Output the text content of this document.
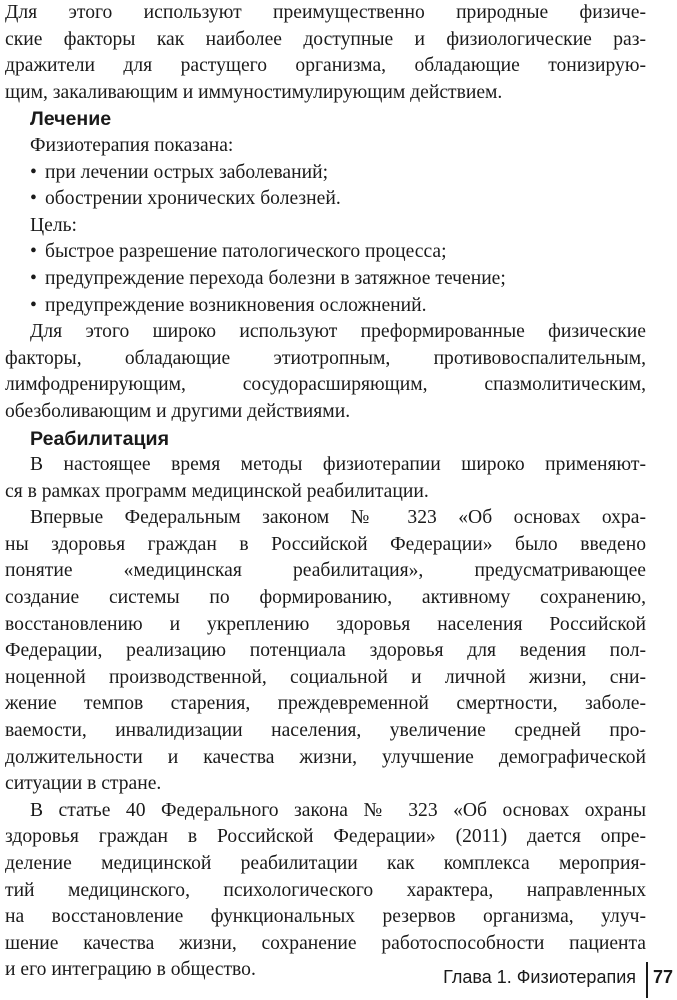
Для этого используют преимущественно природные физиче-
ские факторы как наиболее доступные и физиологические раз-
дражители для растущего организма, обладающие тонизирую-
щим, закаливающим и иммуностимулирующим действием.
Лечение
Физиотерапия показана:
• при лечении острых заболеваний;
• обострении хронических болезней.
Цель:
• быстрое разрешение патологического процесса;
• предупреждение перехода болезни в затяжное течение;
• предупреждение возникновения осложнений.
Для этого широко используют преформированные физические
факторы, обладающие этиотропным, противовоспалительным,
лимфодренирующим, сосудорасширяющим, спазмолитическим,
обезболивающим и другими действиями.
Реабилитация
В настоящее время методы физиотерапии широко применяют-
ся в рамках программ медицинской реабилитации.
Впервые Федеральным законом № 323 «Об основах охра-
ны здоровья граждан в Российской Федерации» было введено
понятие «медицинская реабилитация», предусматривающее
создание системы по формированию, активному сохранению,
восстановлению и укреплению здоровья населения Российской
Федерации, реализацию потенциала здоровья для ведения пол-
ноценной производственной, социальной и личной жизни, сни-
жение темпов старения, преждевременной смертности, заболе-
ваемости, инвалидизации населения, увеличение средней про-
должительности и качества жизни, улучшение демографической
ситуации в стране.
В статье 40 Федерального закона № 323 «Об основах охраны
здоровья граждан в Российской Федерации» (2011) дается опре-
деление медицинской реабилитации как комплекса мероприя-
тий медицинского, психологического характера, направленных
на восстановление функциональных резервов организма, улуч-
шение качества жизни, сохранение работоспособности пациента
и его интеграцию в общество.	Глава 1. Физиотерапия 77
